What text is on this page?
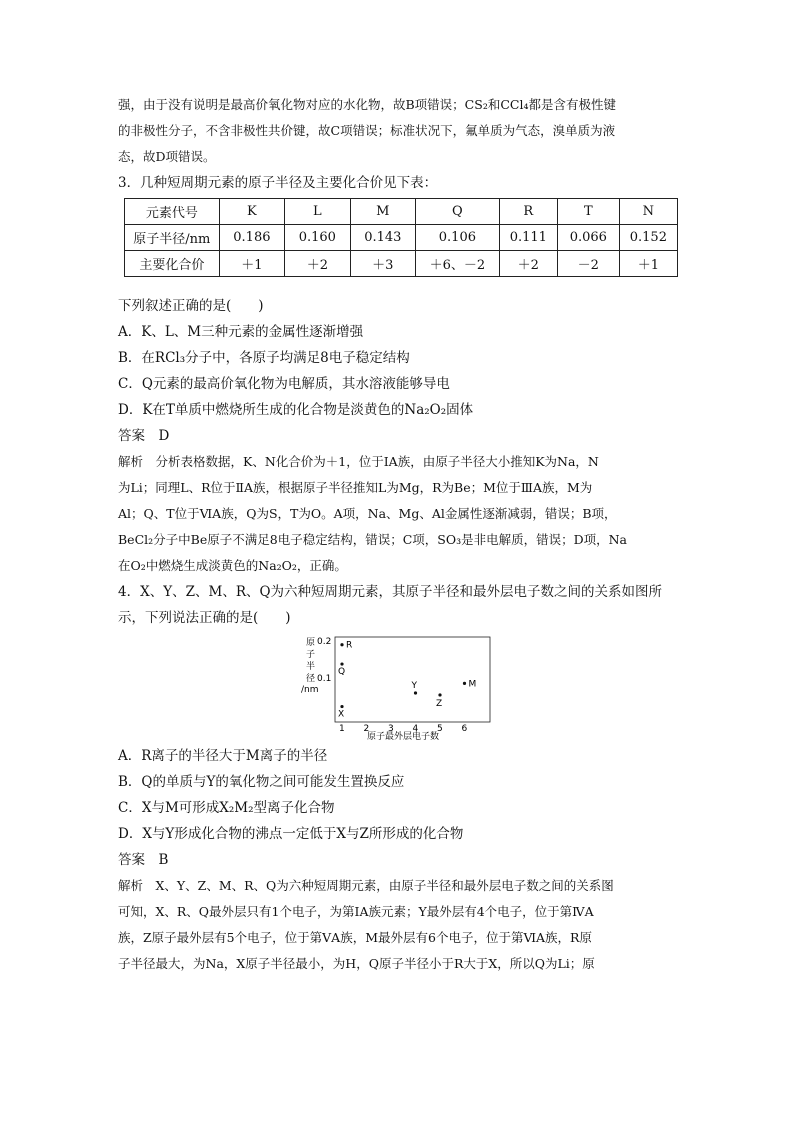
强，由于没有说明是最高价氧化物对应的水化物，故B项错误；CS₂和CCl₄都是含有极性键

的非极性分子，不含非极性共价键，故C项错误；标准状况下，氟单质为气态，溴单质为液

态，故D项错误。

3．几种短周期元素的原子半径及主要化合价见下表：

元素代号	K	L	M	Q	R	T	N
原子半径/nm	0.186	0.160	0.143	0.106	0.111	0.066	0.152
主要化合价	＋1	＋2	＋3	＋6、－2	＋2	－2	＋1

下列叙述正确的是(　　)

A．K、L、M三种元素的金属性逐渐增强

B．在RCl₃分子中，各原子均满足8电子稳定结构

C．Q元素的最高价氧化物为电解质，其水溶液能够导电

D．K在T单质中燃烧所生成的化合物是淡黄色的Na₂O₂固体

答案　D

解析　分析表格数据，K、N化合价为＋1，位于ⅠA族，由原子半径大小推知K为Na，N

为Li；同理L、R位于ⅡA族，根据原子半径推知L为Mg，R为Be；M位于ⅢA族，M为

Al；Q、T位于ⅥA族，Q为S，T为O。A项，Na、Mg、Al金属性逐渐减弱，错误；B项，

BeCl₂分子中Be原子不满足8电子稳定结构，错误；C项，SO₃是非电解质，错误；D项，Na

在O₂中燃烧生成淡黄色的Na₂O₂，正确。

4．X、Y、Z、M、R、Q为六种短周期元素，其原子半径和最外层电子数之间的关系如图所

示，下列说法正确的是(　　)

原
子
半
径
/nm
0.2
0.1
原子最外层电子数
1 2 3 4 5 6
R
Q
X
Y
Z
M

A．R离子的半径大于M离子的半径

B．Q的单质与Y的氧化物之间可能发生置换反应

C．X与M可形成X₂M₂型离子化合物

D．X与Y形成化合物的沸点一定低于X与Z所形成的化合物

答案　B

解析　X、Y、Z、M、R、Q为六种短周期元素，由原子半径和最外层电子数之间的关系图

可知，X、R、Q最外层只有1个电子，为第ⅠA族元素；Y最外层有4个电子，位于第ⅣA

族，Z原子最外层有5个电子，位于第ⅤA族，M最外层有6个电子，位于第ⅥA族，R原

子半径最大，为Na，X原子半径最小，为H，Q原子半径小于R大于X，所以Q为Li；原
